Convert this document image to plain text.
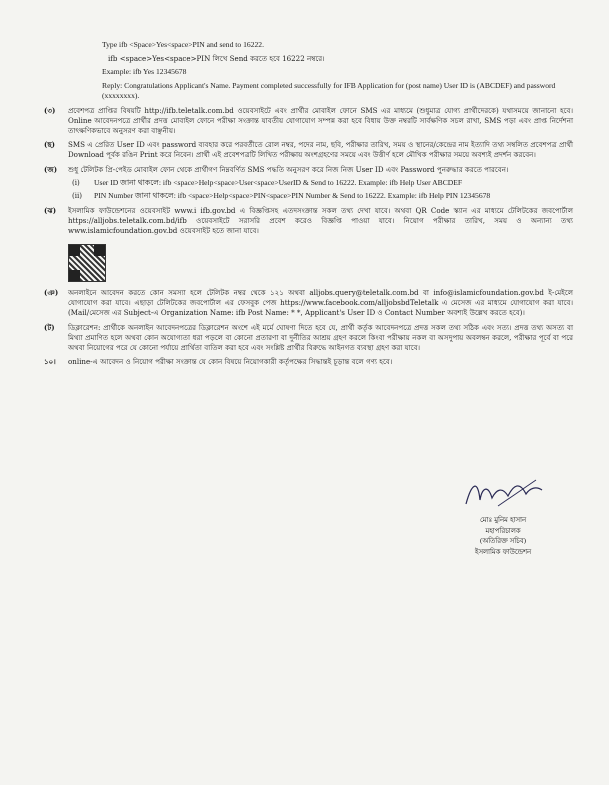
Type ifb <Space>Yes<space>PIN and send to 16222.
ifb <space>Yes<space>PIN লিখে Send করতে হবে 16222 নম্বরে।
Example: ifb Yes 12345678
Reply: Congratulations Applicant's Name. Payment completed successfully for IFB Application for (post name) User ID is (ABCDEF) and password (xxxxxxxx).
(৩)	প্রবেশপত্র প্রাপ্তির বিষয়টি http://ifb.teletalk.com.bd ওয়েবসাইটে এবং প্রার্থীর মোবাইল ফোনে SMS এর মাধ্যমে (শুধুমাত্র যোগ্য প্রার্থীদেরকে) যথাসময়ে জানানো হবে। Online আবেদনপত্রে প্রার্থীর প্রদত্ত মোবাইল ফোনে পরীক্ষা সংক্রান্ত যাবতীয় যোগাযোগ সম্পন্ন করা হবে বিধায় উক্ত নম্বরটি সার্বক্ষণিক সচল রাখা, SMS পড়া এবং প্রাপ্ত নির্দেশনা তাৎক্ষণিকভাবে অনুসরণ করা বাঞ্ছনীয়।
(ছ)	SMS এ প্রেরিত User ID এবং password ব্যবহার করে পরবর্তীতে রোল নম্বর, পদের নাম, ছবি, পরীক্ষার তারিখ, সময় ও স্থানের/কেন্দ্রের নাম ইত্যাদি তথ্য সম্বলিত প্রবেশপত্র প্রার্থী Download পূর্বক রঙিন Print করে নিবেন। প্রার্থী এই প্রবেশপত্রটি লিখিত পরীক্ষায় অংশগ্রহণের সময়ে এবং উত্তীর্ণ হলে মৌখিক পরীক্ষার সময়ে অবশ্যই প্রদর্শন করবেন।
(জ)	শুধু টেলিটক প্রি-পেইড মোবাইল ফোন থেকে প্রার্থীগণ নিম্নবর্ণিত SMS পদ্ধতি অনুসরণ করে নিজ নিজ User ID এবং Password পুনরুদ্ধার করতে পারবেন।
(i)	User ID জানা থাকলে: ifb <space>Help<space>User<space>UserID & Send to 16222. Example: ifb Help User ABCDEF
(ii)	PIN Number জানা থাকলে: ifb <space>Help<space>PIN<space>PIN Number & Send to 16222. Example: ifb Help PIN 12345678
(ঝ)	ইসলামিক ফাউন্ডেশনের ওয়েবসাইট www.i ifb.gov.bd এ বিজ্ঞপ্তিসহ এতদসংক্রান্ত সকল তথ্য দেখা যাবে। অথবা QR Code স্ক্যান এর মাধ্যমে টেলিটকের জবপোর্টাল https://alljobs.teletalk.com.bd/ifb ওয়েবসাইটে সরাসরি প্রবেশ করেও বিজ্ঞপ্তি পাওয়া যাবে। নিয়োগ পরীক্ষার তারিখ, সময় ও অন্যান্য তথ্য www.islamicfoundation.gov.bd ওয়েবসাইট হতে জানা যাবে।
(ঞ)	অনলাইনে আবেদন করতে কোন সমস্যা হলে টেলিটক নম্বর থেকে ১২১ অথবা alljobs.query@teletalk.com.bd বা info@islamicfoundation.gov.bd ই-মেইলে যোগাযোগ করা যাবে। এছাড়া টেলিটকের জবপোর্টাল এর ফেসবুক পেজ https://www.facebook.com/alljobsbdTeletalk এ মেসেজ এর মাধ্যমে যোগাযোগ করা যাবে। (Mail/মেসেজ এর Subject-এ Organization Name: ifb Post Name: * *, Applicant's User ID ও Contact Number অবশ্যই উল্লেখ করতে হবে)।
(ট)	ডিক্লারেশন: প্রার্থীকে অনলাইন আবেদনপত্রের ডিক্লারেশন অংশে এই মর্মে ঘোষণা দিতে হবে যে, প্রার্থী কর্তৃক আবেদনপত্রে প্রদত্ত সকল তথ্য সঠিক এবং সত্য। প্রদত্ত তথ্য অসত্য বা মিথ্যা প্রমাণিত হলে অথবা কোন অযোগ্যতা ধরা পড়লে বা কোনো প্রতারণা বা দুর্নীতির আশ্রয় গ্রহণ করলে কিংবা পরীক্ষায় নকল বা অসদুপায় অবলম্বন করলে, পরীক্ষার পূর্বে বা পরে অথবা নিয়োগের পরে যে কোনো পর্যায়ে প্রার্থিতা বাতিল করা হবে এবং সংশ্লিষ্ট প্রার্থীর বিরুদ্ধে আইনগত ব্যবস্থা গ্রহণ করা যাবে।
১০।	online-এ আবেদন ও নিয়োগ পরীক্ষা সংক্রান্ত যে কোন বিষয়ে নিয়োগকারী কর্তৃপক্ষের সিদ্ধান্তই চূড়ান্ত বলে গণ্য হবে।
মোঃ মুনিম হাসান
মহাপরিচালক
(অতিরিক্ত সচিব)
ইসলামিক ফাউন্ডেশন
